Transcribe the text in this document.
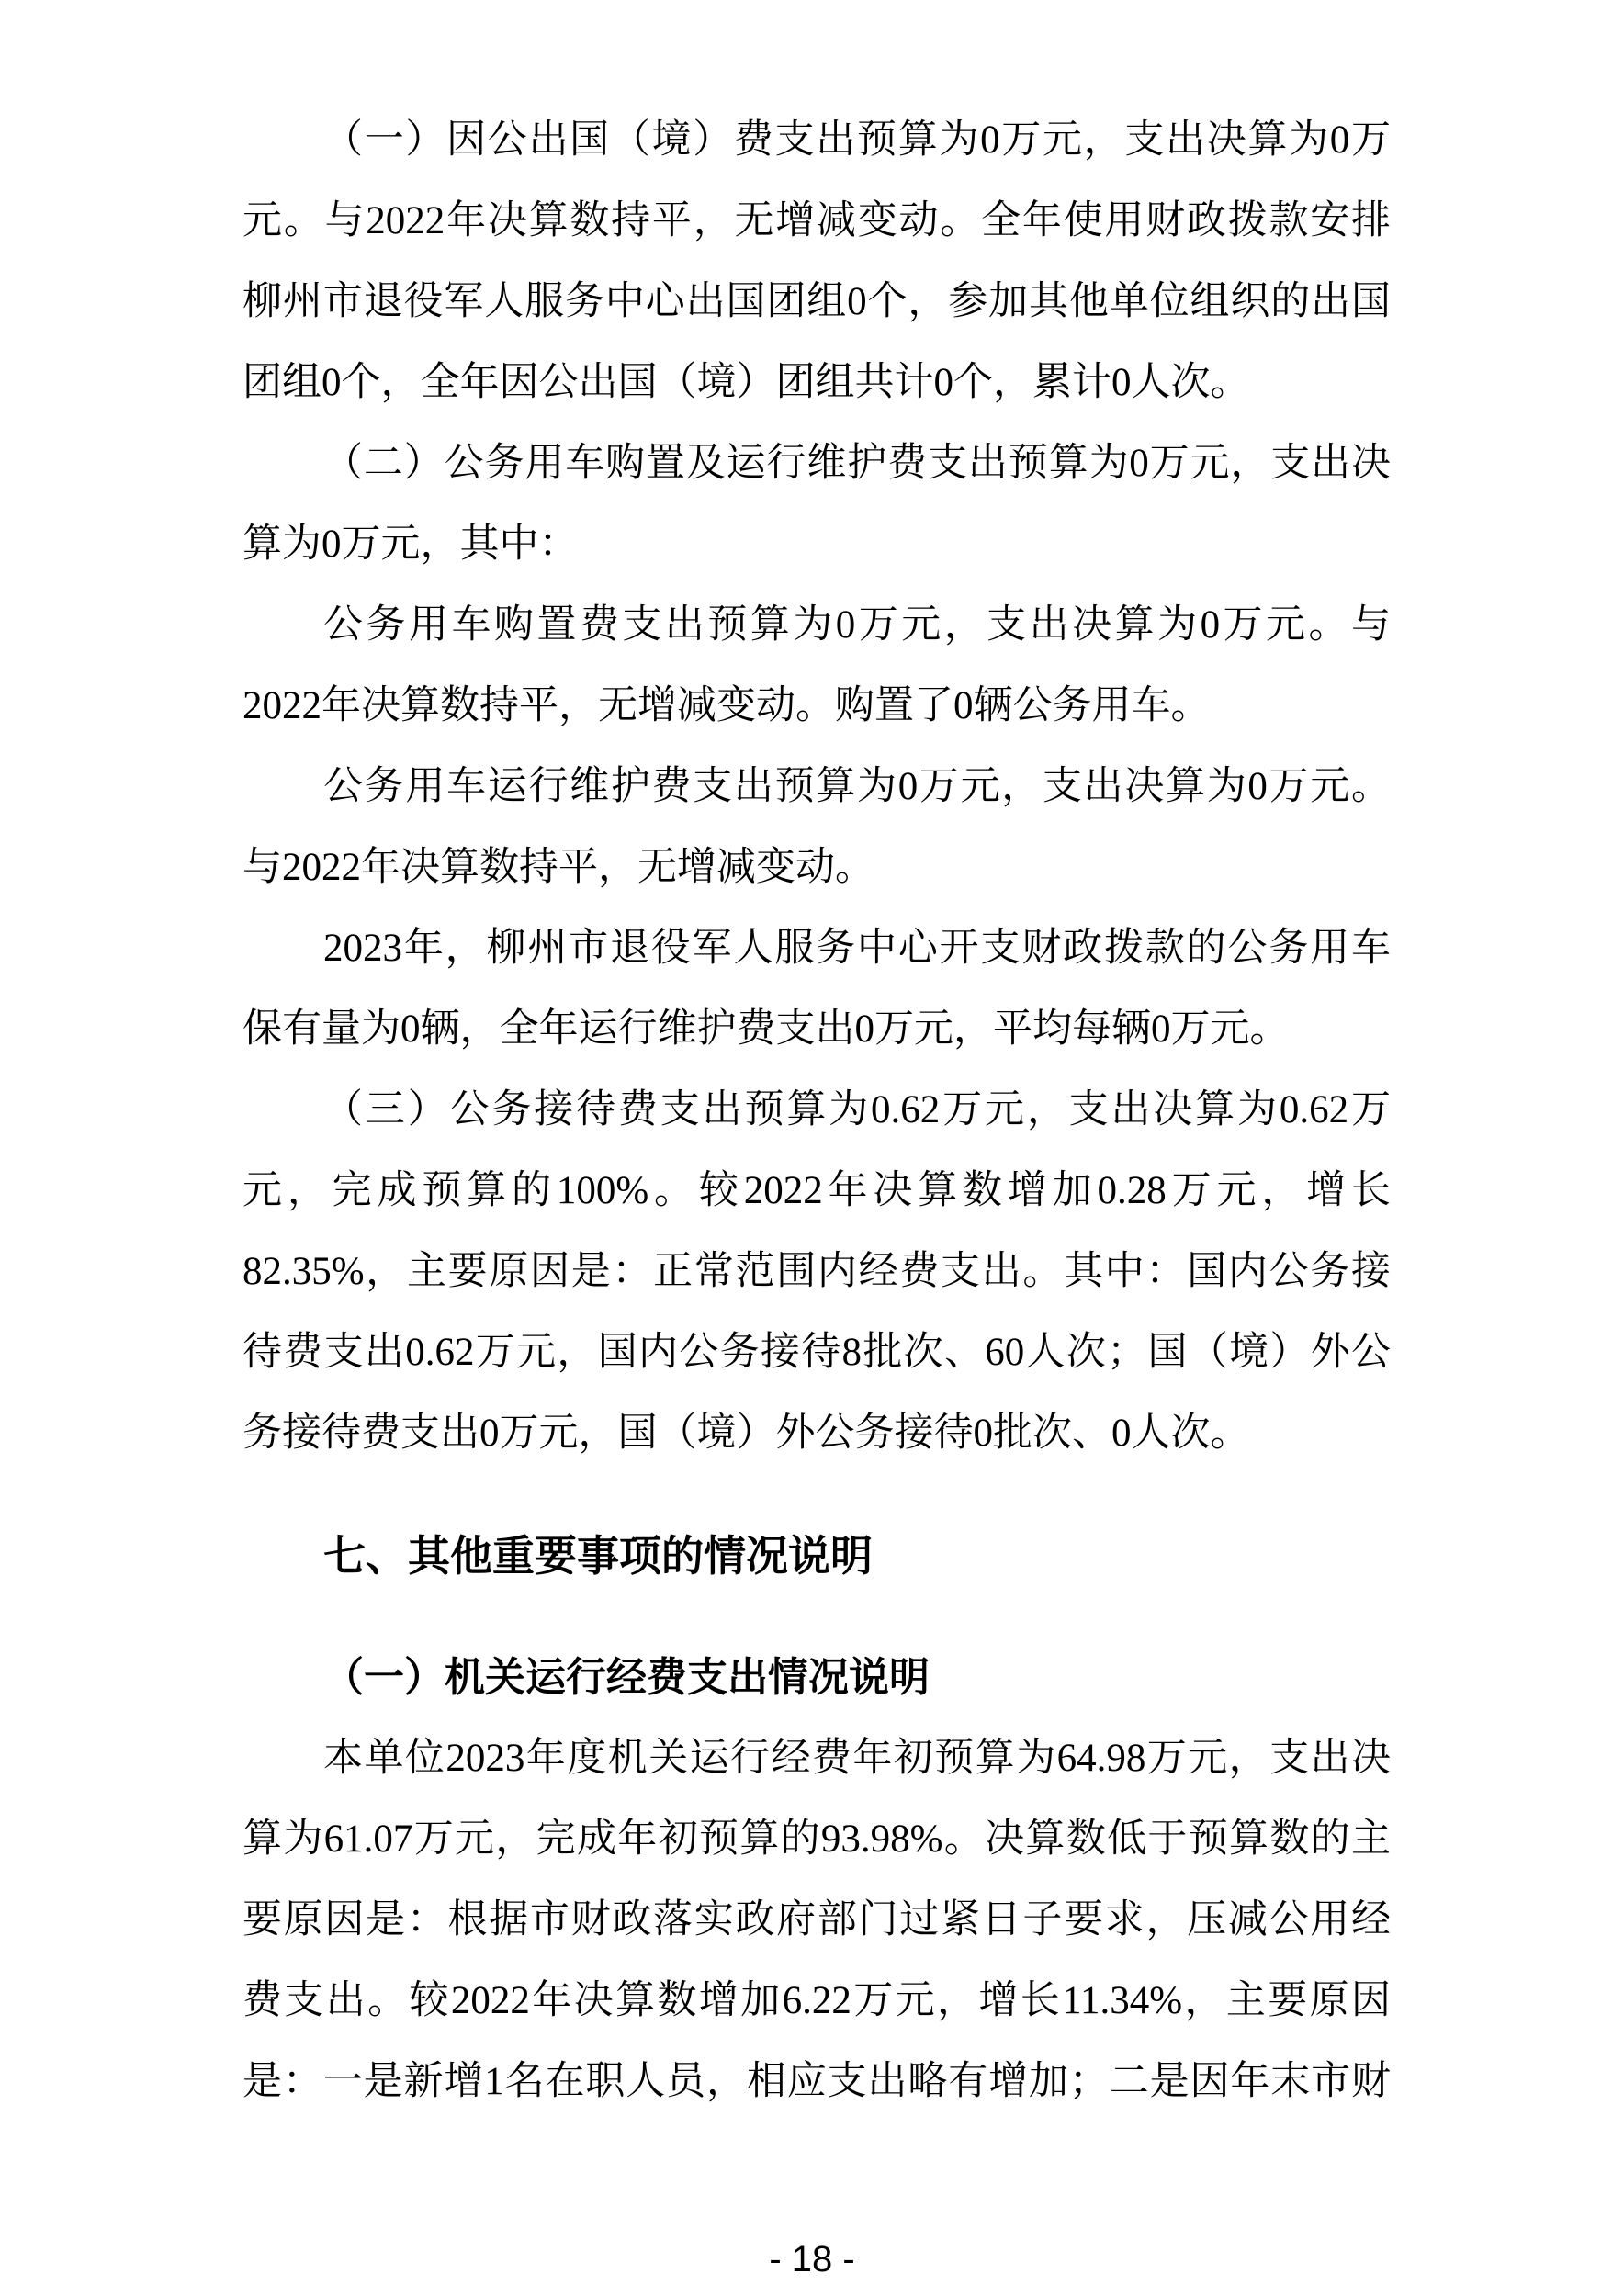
（一）因公出国（境）费支出预算为0万元，支出决算为0万
元。与2022年决算数持平，无增减变动。全年使用财政拨款安排
柳州市退役军人服务中心出国团组0个，参加其他单位组织的出国
团组0个，全年因公出国（境）团组共计0个，累计0人次。
（二）公务用车购置及运行维护费支出预算为0万元，支出决
算为0万元，其中：
公务用车购置费支出预算为0万元，支出决算为0万元。与
2022年决算数持平，无增减变动。购置了0辆公务用车。
公务用车运行维护费支出预算为0万元，支出决算为0万元。
与2022年决算数持平，无增减变动。
2023年，柳州市退役军人服务中心开支财政拨款的公务用车
保有量为0辆，全年运行维护费支出0万元，平均每辆0万元。
（三）公务接待费支出预算为0.62万元，支出决算为0.62万
元，完成预算的100%。较2022年决算数增加0.28万元，增长
82.35%，主要原因是：正常范围内经费支出。其中：国内公务接
待费支出0.62万元，国内公务接待8批次、60人次；国（境）外公
务接待费支出0万元，国（境）外公务接待0批次、0人次。
七、其他重要事项的情况说明
（一）机关运行经费支出情况说明
本单位2023年度机关运行经费年初预算为64.98万元，支出决
算为61.07万元，完成年初预算的93.98%。决算数低于预算数的主
要原因是：根据市财政落实政府部门过紧日子要求，压减公用经
费支出。较2022年决算数增加6.22万元，增长11.34%，主要原因
是：一是新增1名在职人员，相应支出略有增加；二是因年末市财
- 18 -
